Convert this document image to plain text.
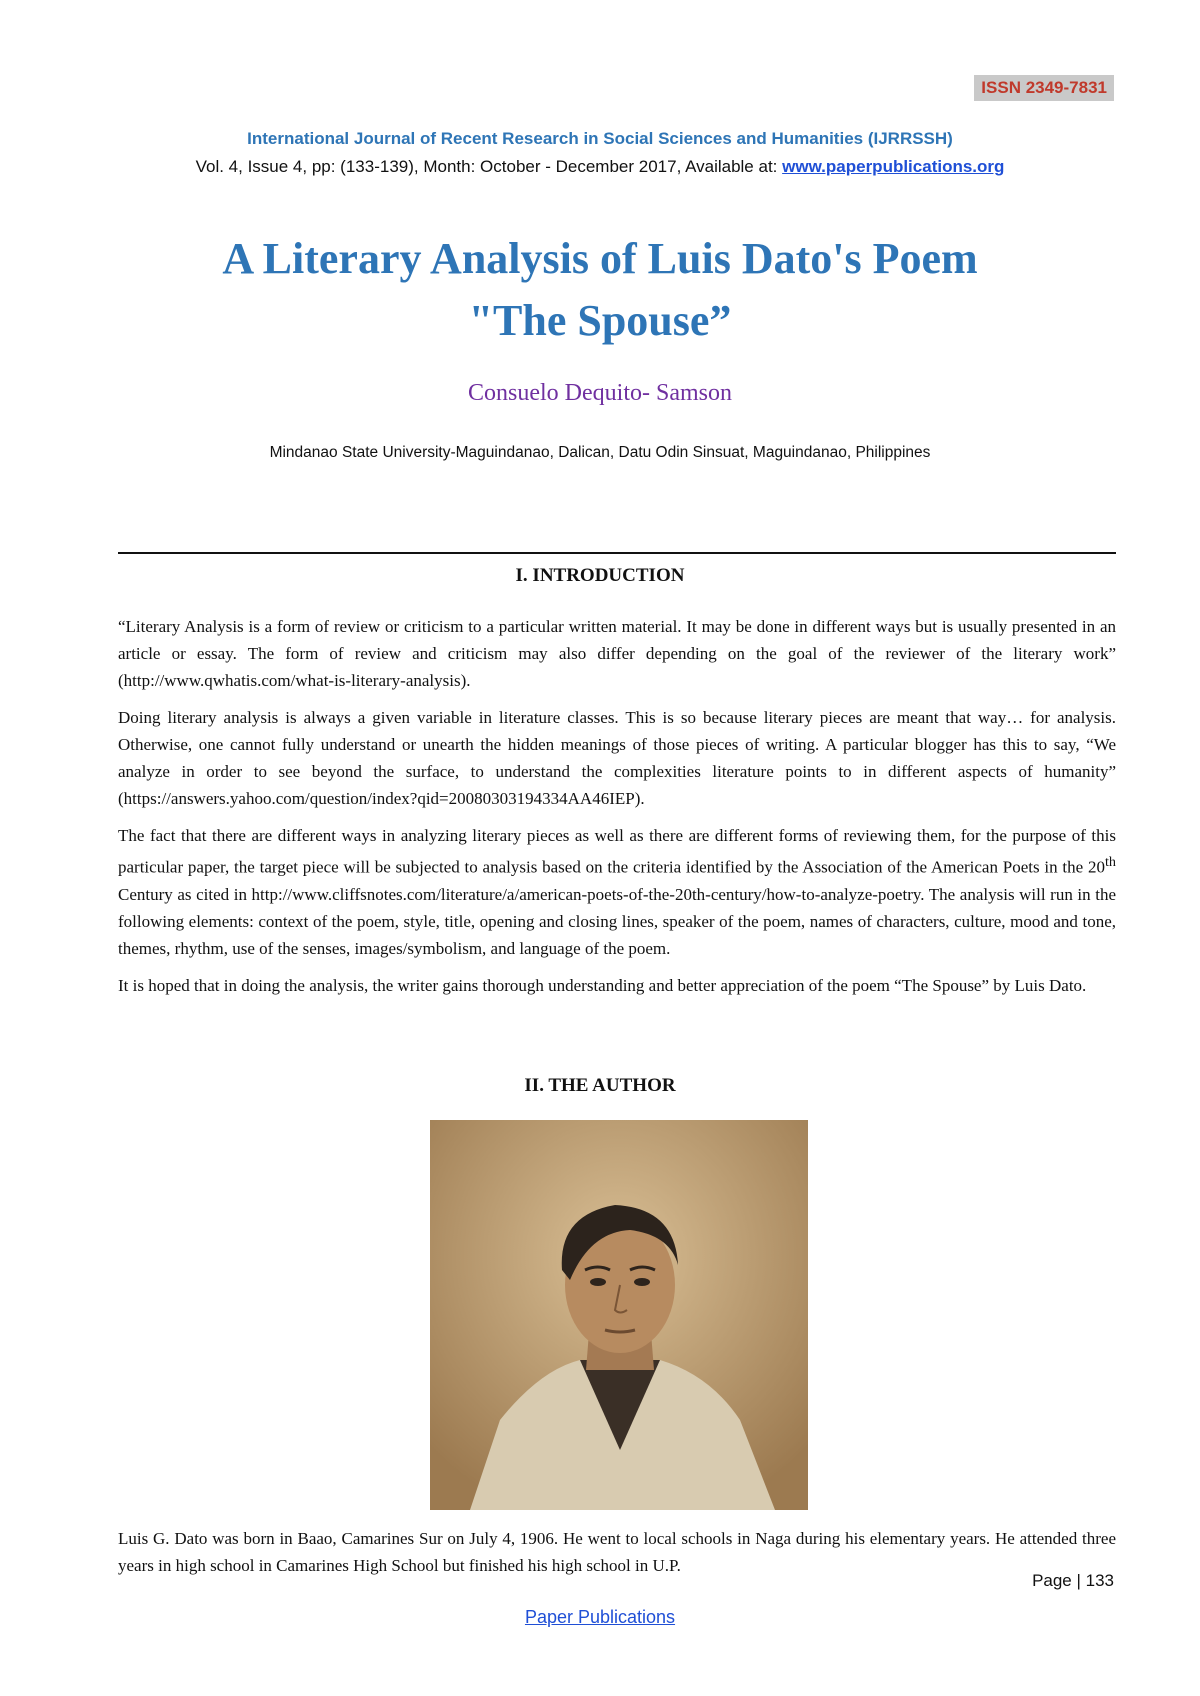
ISSN 2349-7831
International Journal of Recent Research in Social Sciences and Humanities (IJRRSSH)
Vol. 4, Issue 4, pp: (133-139), Month: October - December 2017, Available at: www.paperpublications.org
A Literary Analysis of Luis Dato's Poem
"The Spouse”
Consuelo Dequito- Samson
Mindanao State University-Maguindanao, Dalican, Datu Odin Sinsuat, Maguindanao, Philippines
I. INTRODUCTION

“Literary Analysis is a form of review or criticism to a particular written material. It may be done in different ways but is usually presented in an article or essay. The form of review and criticism may also differ depending on the goal of the reviewer of the literary work” (http://www.qwhatis.com/what-is-literary-analysis).

Doing literary analysis is always a given variable in literature classes. This is so because literary pieces are meant that way… for analysis. Otherwise, one cannot fully understand or unearth the hidden meanings of those pieces of writing. A particular blogger has this to say, “We analyze in order to see beyond the surface, to understand the complexities literature points to in different aspects of humanity” (https://answers.yahoo.com/question/index?qid=20080303194334AA46IEP).

The fact that there are different ways in analyzing literary pieces as well as there are different forms of reviewing them, for the purpose of this particular paper, the target piece will be subjected to analysis based on the criteria identified by the Association of the American Poets in the 20th Century as cited in http://www.cliffsnotes.com/literature/a/american-poets-of-the-20th-century/how-to-analyze-poetry. The analysis will run in the following elements: context of the poem, style, title, opening and closing lines, speaker of the poem, names of characters, culture, mood and tone, themes, rhythm, use of the senses, images/symbolism, and language of the poem.

It is hoped that in doing the analysis, the writer gains thorough understanding and better appreciation of the poem “The Spouse” by Luis Dato.

II. THE AUTHOR

Luis G. Dato was born in Baao, Camarines Sur on July 4, 1906. He went to local schools in Naga during his elementary years. He attended three years in high school in Camarines High School but finished his high school in U.P.

Page | 133
Paper Publications
